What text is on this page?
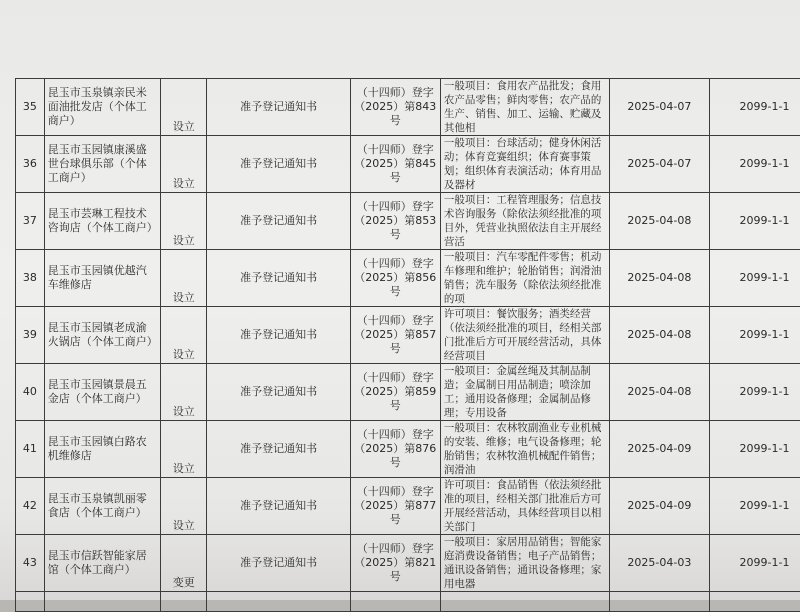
35	昆玉市玉泉镇亲民米面油批发店（个体工商户）	设立	准予登记通知书	（十四师）登字（2025）第843号	一般项目：食用农产品批发；食用农产品零售；鲜肉零售；农产品的生产、销售、加工、运输、贮藏及其他相	2025-04-07	2099-1-1
36	昆玉市玉园镇康溪盛世台球俱乐部（个体工商户）	设立	准予登记通知书	（十四师）登字（2025）第845号	一般项目：台球活动；健身休闲活动；体育竞赛组织；体育赛事策划；组织体育表演活动；体育用品及器材	2025-04-07	2099-1-1
37	昆玉市芸琳工程技术咨询店（个体工商户）	设立	准予登记通知书	（十四师）登字（2025）第853号	一般项目：工程管理服务；信息技术咨询服务（除依法须经批准的项目外，凭营业执照依法自主开展经营活	2025-04-08	2099-1-1
38	昆玉市玉园镇优越汽车维修店	设立	准予登记通知书	（十四师）登字（2025）第856号	一般项目：汽车零配件零售；机动车修理和维护；轮胎销售；润滑油销售；洗车服务（除依法须经批准的项	2025-04-08	2099-1-1
39	昆玉市玉园镇老成渝火锅店（个体工商户）	设立	准予登记通知书	（十四师）登字（2025）第857号	许可项目：餐饮服务；酒类经营（依法须经批准的项目，经相关部门批准后方可开展经营活动，具体经营项目	2025-04-08	2099-1-1
40	昆玉市玉园镇景晨五金店（个体工商户）	设立	准予登记通知书	（十四师）登字（2025）第859号	一般项目：金属丝绳及其制品制造；金属制日用品制造；喷涂加工；通用设备修理；金属制品修理；专用设备	2025-04-08	2099-1-1
41	昆玉市玉园镇白路农机维修店	设立	准予登记通知书	（十四师）登字（2025）第876号	一般项目：农林牧副渔业专业机械的安装、维修；电气设备修理；轮胎销售；农林牧渔机械配件销售；润滑油	2025-04-09	2099-1-1
42	昆玉市玉泉镇凯丽零食店（个体工商户）	设立	准予登记通知书	（十四师）登字（2025）第877号	许可项目：食品销售（依法须经批准的项目，经相关部门批准后方可开展经营活动，具体经营项目以相关部门	2025-04-09	2099-1-1
43	昆玉市信跃智能家居馆（个体工商户）	变更	准予登记通知书	（十四师）登字（2025）第821号	一般项目：家居用品销售；智能家庭消费设备销售；电子产品销售；通讯设备销售；通讯设备修理；家用电器	2025-04-03	2099-1-1
